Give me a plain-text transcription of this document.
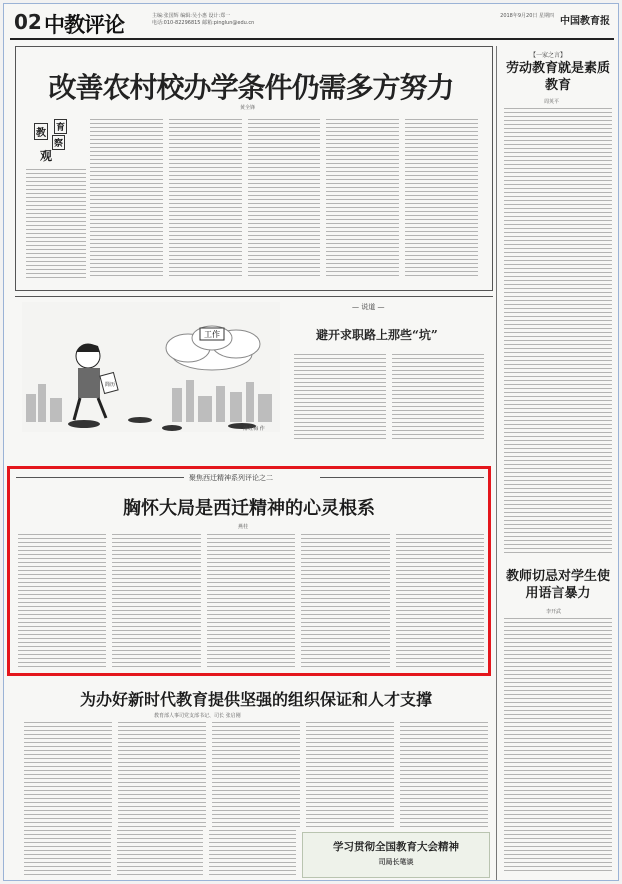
02 中教评论	主编:张国辉 编辑:吴小惠 设计:郑一
电话:010-82296815 邮箱:pinglun@edu.cn
2018年9月20日 星期四 中国教育报
改善农村校办学条件仍需多方努力
黄全锋
教 育
观
察
工作
简历
薛红梅 作
— 说道 —
避开求职路上那些“坑”
聚焦西迁精神系列评论之二
胸怀大局是西迁精神的心灵根系
燕桂
为办好新时代教育提供坚强的组织保证和人才支撑
教育部人事司党支部书记、司长 张启刚
学习贯彻全国教育大会精神
司局长笔谈
【一家之言】
劳动教育就是素质教育
周英平
教师切忌对学生使用语言暴力
李开武
